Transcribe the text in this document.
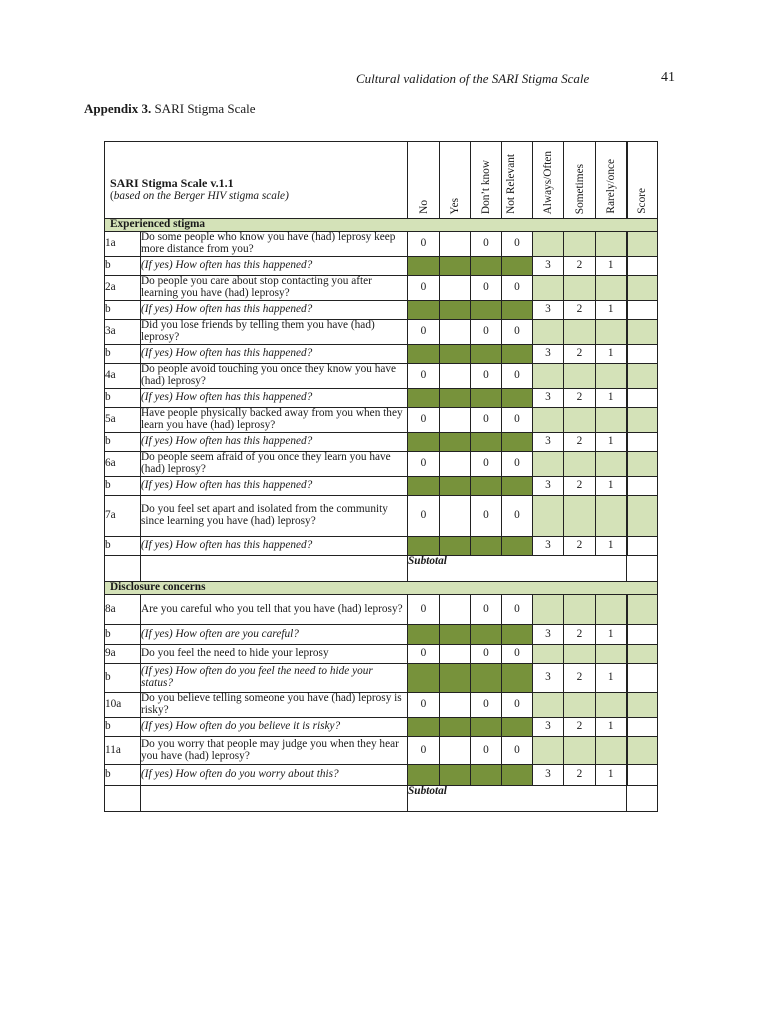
Cultural validation of the SARI Stigma Scale	41
Appendix 3. SARI Stigma Scale
SARI Stigma Scale v.1.1
(based on the Berger HIV stigma scale)		No	Yes	Don’t know	Not Relevant	Always/Often	Sometimes	Rarely/once	Score

Experienced stigma									
1a	Do some people who know you have (had) leprosy keep more distance from you?	0		0	0				
b	(If yes) How often has this happened?					3	2	1	
2a	Do people you care about stop contacting you after learning you have (had) leprosy?	0		0	0				
b	(If yes) How often has this happened?					3	2	1	
3a	Did you lose friends by telling them you have (had) leprosy?	0		0	0				
b	(If yes) How often has this happened?					3	2	1	
4a	Do people avoid touching you once they know you have (had) leprosy?	0		0	0				
b	(If yes) How often has this happened?					3	2	1	
5a	Have people physically backed away from you when they learn you have (had) leprosy?	0		0	0				
b	(If yes) How often has this happened?					3	2	1	
6a	Do people seem afraid of you once they learn you have (had) leprosy?	0		0	0				
b	(If yes) How often has this happened?					3	2	1	
7a	Do you feel set apart and isolated from the community since learning you have (had) leprosy?	0		0	0				
b	(If yes) How often has this happened?					3	2	1	
		Subtotal							
Disclosure concerns									
8a	Are you careful who you tell that you have (had) leprosy?	0		0	0				
b	(If yes) How often are you careful?					3	2	1	
9a	Do you feel the need to hide your leprosy	0		0	0				
b	(If yes) How often do you feel the need to hide your status?					3	2	1	
10a	Do you believe telling someone you have (had) leprosy is risky?	0		0	0				
b	(If yes) How often do you believe it is risky?					3	2	1	
11a	Do you worry that people may judge you when they hear you have (had) leprosy?	0		0	0				
b	(If yes) How often do you worry about this?					3	2	1	
		Subtotal							
